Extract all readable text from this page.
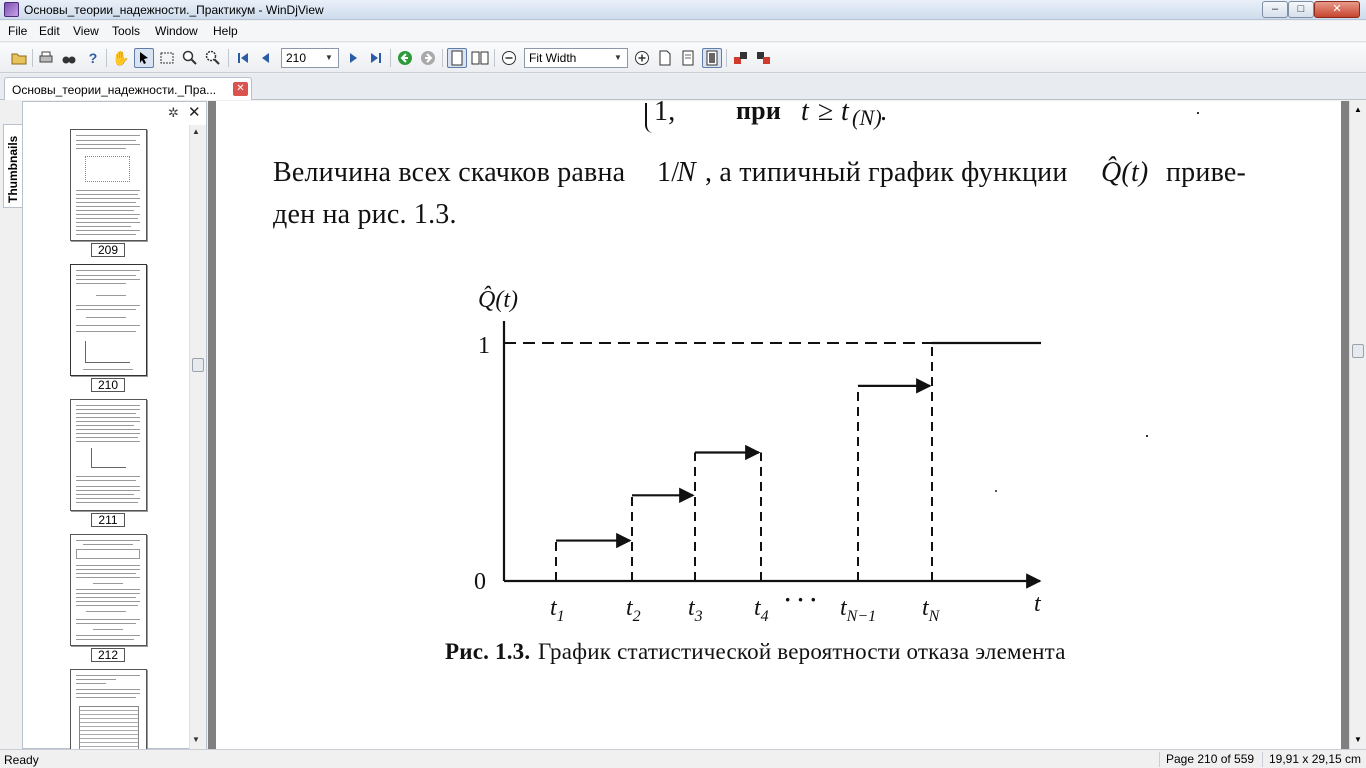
Основы_теории_надежности._Практикум - WinDjView	–	□	✕
File Edit View Tools Window Help
?	✋	210	▼	Fit Width	▼
Основы_теории_надежности._Пра...	✕
Thumbnails
✲ ✕
209
210
211
212
▲
▼
1, при t ≥ t (N)
.
Величина всех скачков равна 1/
N , а типичный график функции Q̂(t) приве-
ден на рис. 1.3.
0
1
Q̂(t)
t
$t_1$	$t_2$ $t_3$ $t_4$
· · · $t_{N-1}$ $t_N$
Рис. 1.3. График статистической вероятности отказа элемента
▲
▼
Ready	Page 210 of 559	19,91 x 29,15 cm
